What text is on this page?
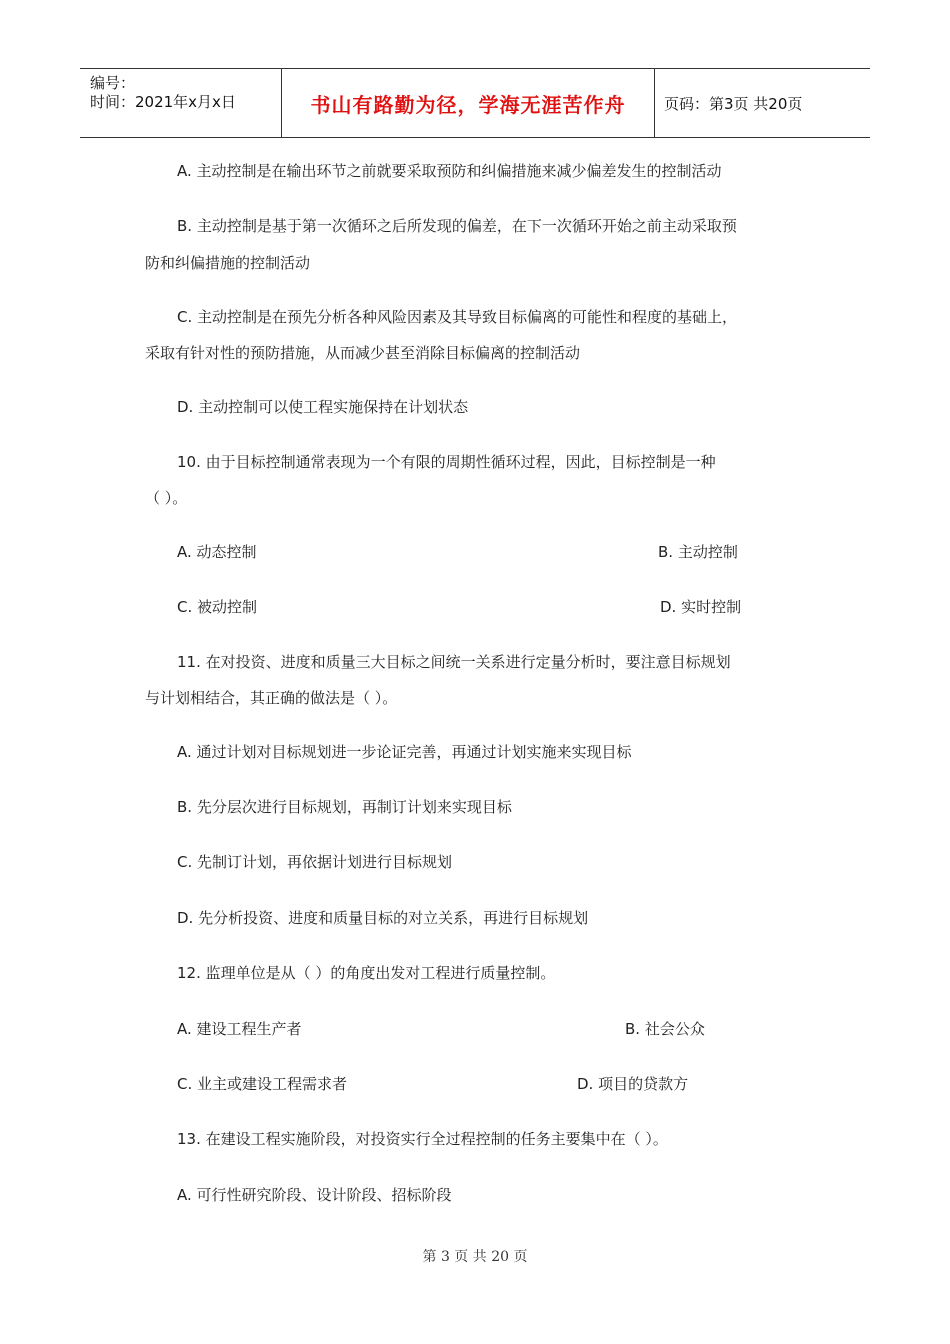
编号：
时间：2021年x月x日	书山有路勤为径，学海无涯苦作舟	页码：第3页 共20页
A. 主动控制是在输出环节之前就要采取预防和纠偏措施来减少偏差发生的控制活动
B. 主动控制是基于第一次循环之后所发现的偏差，在下一次循环开始之前主动采取预
防和纠偏措施的控制活动
C. 主动控制是在预先分析各种风险因素及其导致目标偏离的可能性和程度的基础上，
采取有针对性的预防措施，从而减少甚至消除目标偏离的控制活动
D. 主动控制可以使工程实施保持在计划状态
10. 由于目标控制通常表现为一个有限的周期性循环过程，因此，目标控制是一种
（ ）。
A. 动态控制	B. 主动控制
C. 被动控制	D. 实时控制
11. 在对投资、进度和质量三大目标之间统一关系进行定量分析时，要注意目标规划
与计划相结合，其正确的做法是（ ）。
A. 通过计划对目标规划进一步论证完善，再通过计划实施来实现目标
B. 先分层次进行目标规划，再制订计划来实现目标
C. 先制订计划，再依据计划进行目标规划
D. 先分析投资、进度和质量目标的对立关系，再进行目标规划
12. 监理单位是从（ ）的角度出发对工程进行质量控制。
A. 建设工程生产者	B. 社会公众
C. 业主或建设工程需求者	D. 项目的贷款方
13. 在建设工程实施阶段，对投资实行全过程控制的任务主要集中在（ ）。
A. 可行性研究阶段、设计阶段、招标阶段
第 3 页 共 20 页
